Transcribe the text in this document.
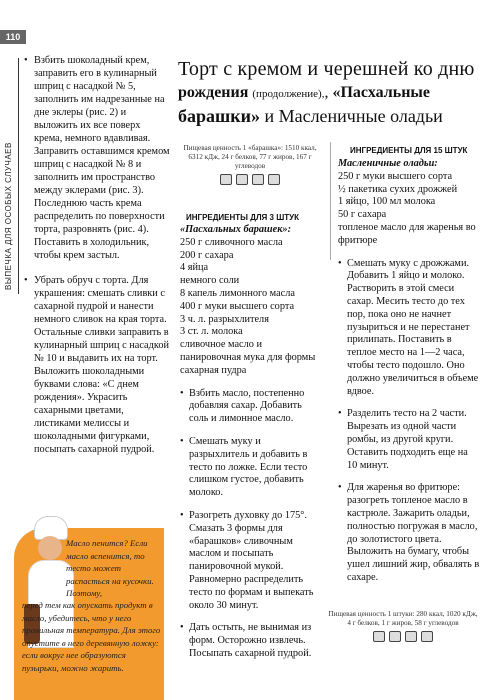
110
ВЫПЕЧКА ДЛЯ ОСОБЫХ СЛУЧАЕВ

• Взбить шоколадный крем, заправить его в кулинарный шприц с насадкой № 5, заполнить им надрезанные на дне эклеры (рис. 2) и выложить их все поверх крема, немного вдавливая. Заправить оставшимся кремом шприц с насадкой № 8 и заполнить им пространство между эклерами (рис. 3). Последнюю часть крема распределить по поверхности торта, разровнять (рис. 4). Поставить в холодильник, чтобы крем застыл.

• Убрать обруч с торта. Для украшения: смешать сливки с сахарной пудрой и нанести немного сливок на края торта. Остальные сливки заправить в кулинарный шприц с насадкой № 10 и выдавить их на торт. Выложить шоколадными буквами слова: «С днем рождения». Украсить сахарными цветами, листиками мелиссы и шоколадными фигурками, посыпать сахарной пудрой.

Торт с кремом и черешней ко дню
рождения (продолжение),, «Пасхальные
барашки» и Масленичные оладьи
Пищевая ценность 1 «барашка»: 1510 ккал, 6312 кДж, 24 г белков, 77 г жиров, 167 г углеводов
ИНГРЕДИЕНТЫ ДЛЯ 3 ШТУК
«Пасхальных барашек»:
250 г сливочного масла
200 г сахара
4 яйца
немного соли
8 капель лимонного масла
400 г муки высшего сорта
3 ч. л. разрыхлителя
3 ст. л. молока
сливочное масло и панировочная мука для формы
сахарная пудра

• Взбить масло, постепенно добавляя сахар. Добавить соль и лимонное масло.

• Смешать муку и разрыхлитель и добавить в тесто по ложке. Если тесто слишком густое, добавить молоко.

• Разогреть духовку до 175°. Смазать 3 формы для «барашков» сливочным маслом и посыпать панировочной мукой. Равномерно распределить тесто по формам и выпекать около 30 минут.

• Дать остыть, не вынимая из форм. Осторожно извлечь. Посыпать сахарной пудрой.

ИНГРЕДИЕНТЫ ДЛЯ 15 ШТУК
Масленичные оладьи:
250 г муки высшего сорта
½ пакетика сухих дрожжей
1 яйцо, 100 мл молока
50 г сахара
топленое масло для жаренья во фритюре

• Смешать муку с дрожжами. Добавить 1 яйцо и молоко. Растворить в этой смеси сахар. Месить тесто до тех пор, пока оно не начнет пузыриться и не перестанет прилипать. Поставить в теплое место на 1—2 часа, чтобы тесто подошло. Оно должно увеличиться в объеме вдвое.

• Разделить тесто на 2 части. Вырезать из одной части ромбы, из другой круги. Оставить подходить еще на 10 минут.

• Для жаренья во фритюре: разогреть топленое масло в кастрюле. Зажарить оладьи, полностью погружая в масло, до золотистого цвета. Выложить на бумагу, чтобы ушел лишний жир, обвалять в сахаре.

Пищевая ценность 1 штуки: 280 ккал, 1020 кДж, 4 г белков, 1 г жиров, 58 г углеводов
Масло пенится? Если масло вспенится, то тесто может распасться на кусочки. Поэтому,
перед тем как опускать продукт в масло, убедитесь, что у него правильная температура. Для этого опустите в него деревянную ложку: если вокруг нее образуются пузырьки, можно жарить.
